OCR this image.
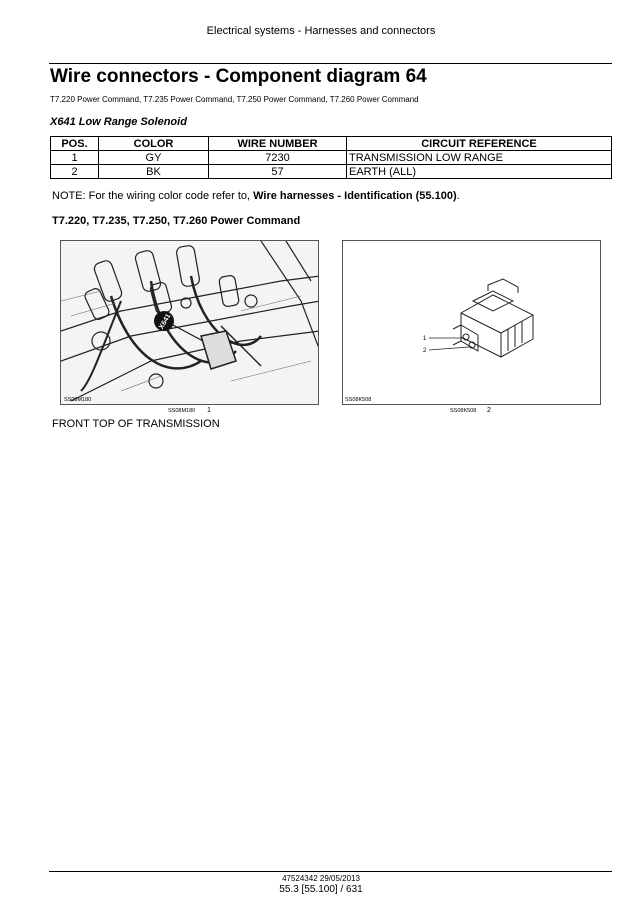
Electrical systems - Harnesses and connectors
Wire connectors - Component diagram 64
T7.220 Power Command, T7.235 Power Command, T7.250 Power Command, T7.260 Power Command
X641 Low Range Solenoid
POS.	COLOR	WIRE NUMBER	CIRCUIT REFERENCE
1	GY	7230	TRANSMISSION LOW RANGE
2	BK	57	EARTH (ALL)
NOTE: For the wiring color code refer to, Wire harnesses - Identification (55.100).
T7.220, T7.235, T7.250, T7.260 Power Command
X641
SS08M180
SS08M180 1
1
2
SS08K508
SS08K508 2
FRONT TOP OF TRANSMISSION
47524342 29/05/2013
55.3 [55.100] / 631
